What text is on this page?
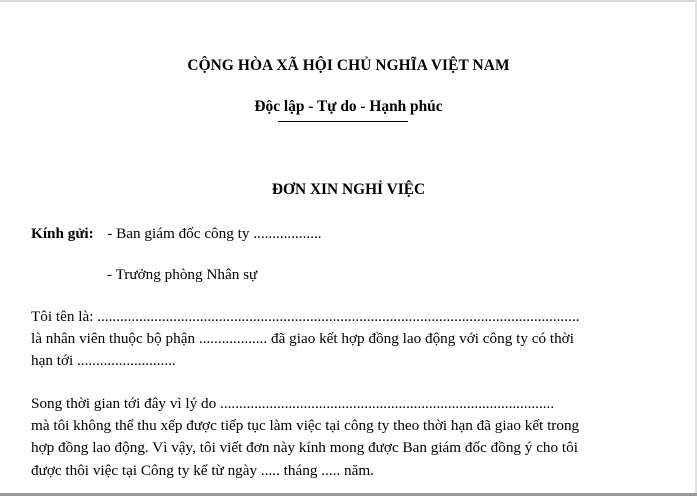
CỘNG HÒA XÃ HỘI CHỦ NGHĨA VIỆT NAM
Độc lập - Tự do - Hạnh phúc
ĐƠN XIN NGHỈ VIỆC
Kính gửi: - Ban giám đốc công ty ..................
- Trưởng phòng Nhân sự
Tôi tên là: ...............................................................................................................................
là nhân viên thuộc bộ phận .................. đã giao kết hợp đồng lao động với công ty có thời
hạn tới ..........................
Song thời gian tới đây vì lý do ........................................................................................
mà tôi không thể thu xếp được tiếp tục làm việc tại công ty theo thời hạn đã giao kết trong
hợp đồng lao động. Vì vậy, tôi viết đơn này kính mong được Ban giám đốc đồng ý cho tôi
được thôi việc tại Công ty kể từ ngày ..... tháng ..... năm.
